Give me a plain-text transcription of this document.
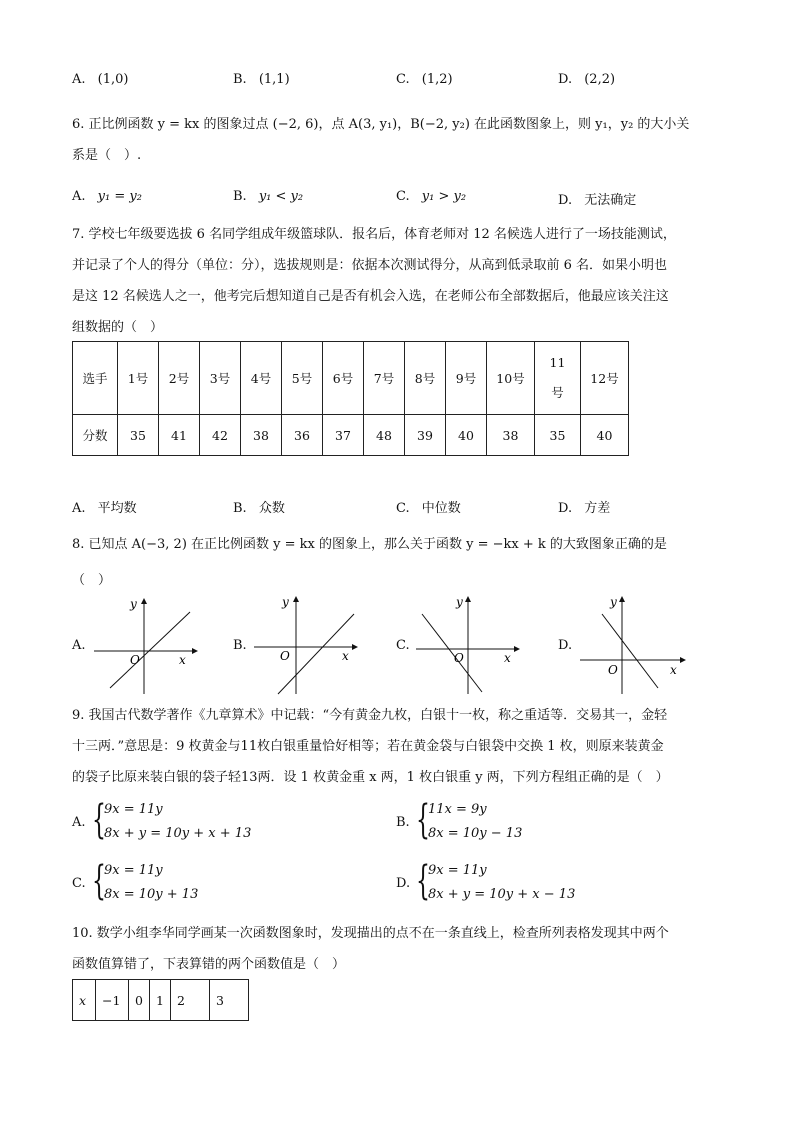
A. (1,0)	B. (1,1)	C. (1,2)	D. (2,2)
6. 正比例函数 y = kx 的图象过点 (−2, 6)，点 A(3, y₁)，B(−2, y₂) 在此函数图象上，则 y₁，y₂ 的大小关
系是（　）.
A. y₁ = y₂	B. y₁ < y₂	C. y₁ > y₂	D. 无法确定
7. 学校七年级要选拔 6 名同学组成年级篮球队．报名后，体育老师对 12 名候选人进行了一场技能测试，
并记录了个人的得分（单位：分），选拔规则是：依据本次测试得分，从高到低录取前 6 名．如果小明也
是这 12 名候选人之一，他考完后想知道自己是否有机会入选，在老师公布全部数据后，他最应该关注这
组数据的（　）
选手	1号	2号	3号	4号	5号	6号	7号	8号	9号	10号	11号	12号
分数	35	41	42	38	36	37	48	39	40	38	35	40
A. 平均数	B. 众数	C. 中位数	D. 方差
8. 已知点 A(−3, 2) 在正比例函数 y = kx 的图象上，那么关于函数 y = −kx + k 的大致图象正确的是
（　）
A.
x
y
O
B.
x
y
O
C.
x
y
O
D.
x
y
O
9. 我国古代数学著作《九章算术》中记载：“今有黄金九枚，白银十一枚，称之重适等．交易其一，金轻
十三两．”意思是：9 枚黄金与11枚白银重量恰好相等；若在黄金袋与白银袋中交换 1 枚，则原来装黄金
的袋子比原来装白银的袋子轻13两．设 1 枚黄金重 x 两，1 枚白银重 y 两，下列方程组正确的是（　）
A. {
9x = 11y
8x + y = 10y + x + 13
B. {
11x = 9y
8x = 10y − 13
C. {
9x = 11y
8x = 10y + 13
D. {
9x = 11y
8x + y = 10y + x − 13
10. 数学小组李华同学画某一次函数图象时，发现描出的点不在一条直线上，检查所列表格发现其中两个
函数值算错了，下表算错的两个函数值是（　）
x	−1	0	1	2	3
